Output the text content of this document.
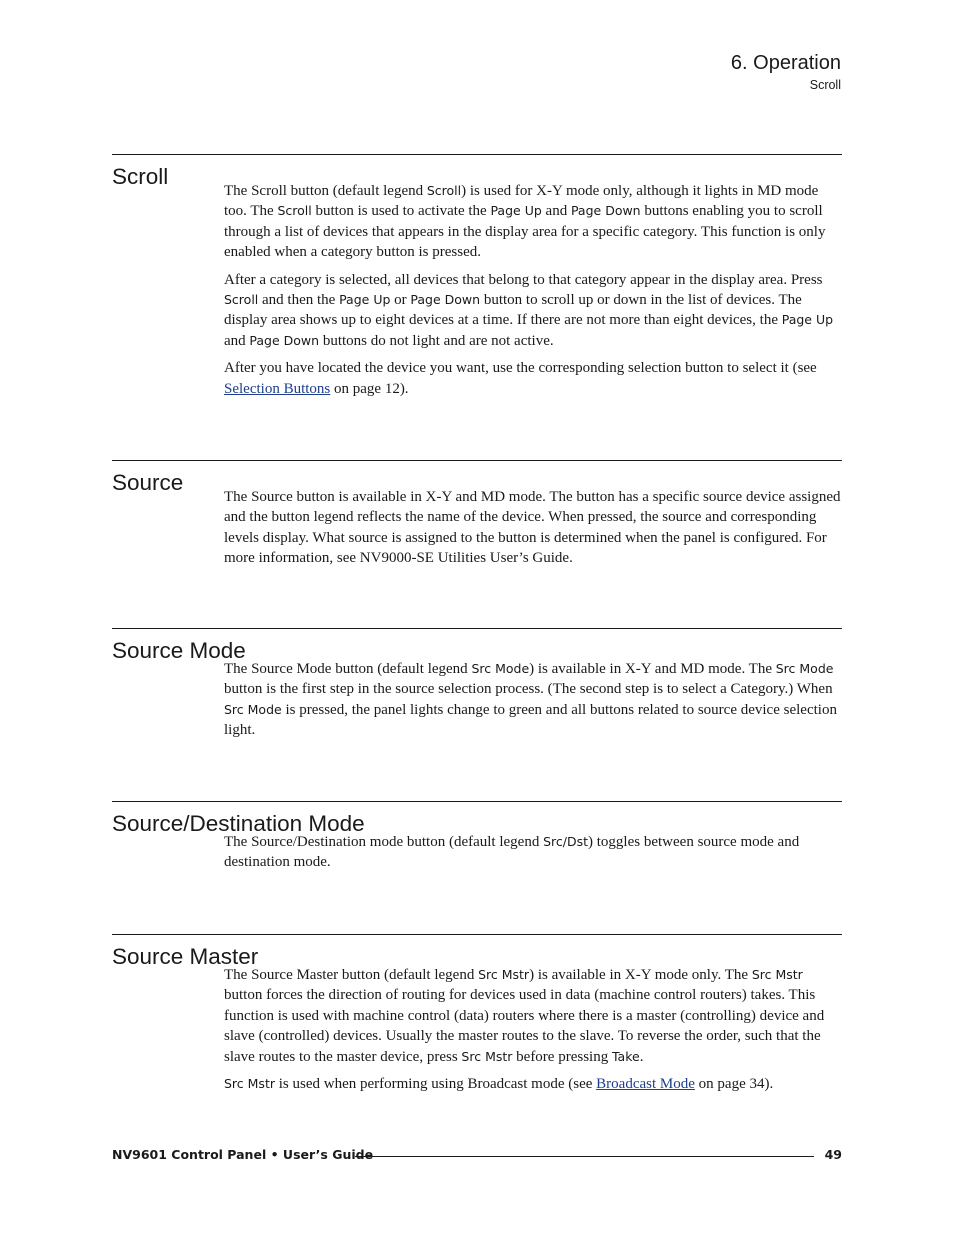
6. Operation
Scroll
Scroll

The Scroll button (default legend Scroll) is used for X-Y mode only, although it lights in MD mode too. The Scroll button is used to activate the Page Up and Page Down buttons enabling you to scroll through a list of devices that appears in the display area for a specific category. This function is only enabled when a category button is pressed.

After a category is selected, all devices that belong to that category appear in the display area. Press Scroll and then the Page Up or Page Down button to scroll up or down in the list of devices. The display area shows up to eight devices at a time. If there are not more than eight devices, the Page Up and Page Down buttons do not light and are not active.

After you have located the device you want, use the corresponding selection button to select it (see Selection Buttons on page 12).

Source

The Source button is available in X-Y and MD mode. The button has a specific source device assigned and the button legend reflects the name of the device. When pressed, the source and corresponding levels display. What source is assigned to the button is determined when the panel is configured. For more information, see NV9000-SE Utilities User’s Guide.

Source Mode

The Source Mode button (default legend Src Mode) is available in X-Y and MD mode. The Src Mode button is the first step in the source selection process. (The second step is to select a Category.) When Src Mode is pressed, the panel lights change to green and all buttons related to source device selection light.

Source/Destination Mode

The Source/Destination mode button (default legend Src/Dst) toggles between source mode and destination mode.

Source Master

The Source Master button (default legend Src Mstr) is available in X-Y mode only. The Src Mstr button forces the direction of routing for devices used in data (machine control routers) takes. This function is used with machine control (data) routers where there is a master (controlling) device and slave (controlled) devices. Usually the master routes to the slave. To reverse the order, such that the slave routes to the master device, press Src Mstr before pressing Take.

Src Mstr is used when performing using Broadcast mode (see Broadcast Mode on page 34).

NV9601 Control Panel • User’s Guide	49
